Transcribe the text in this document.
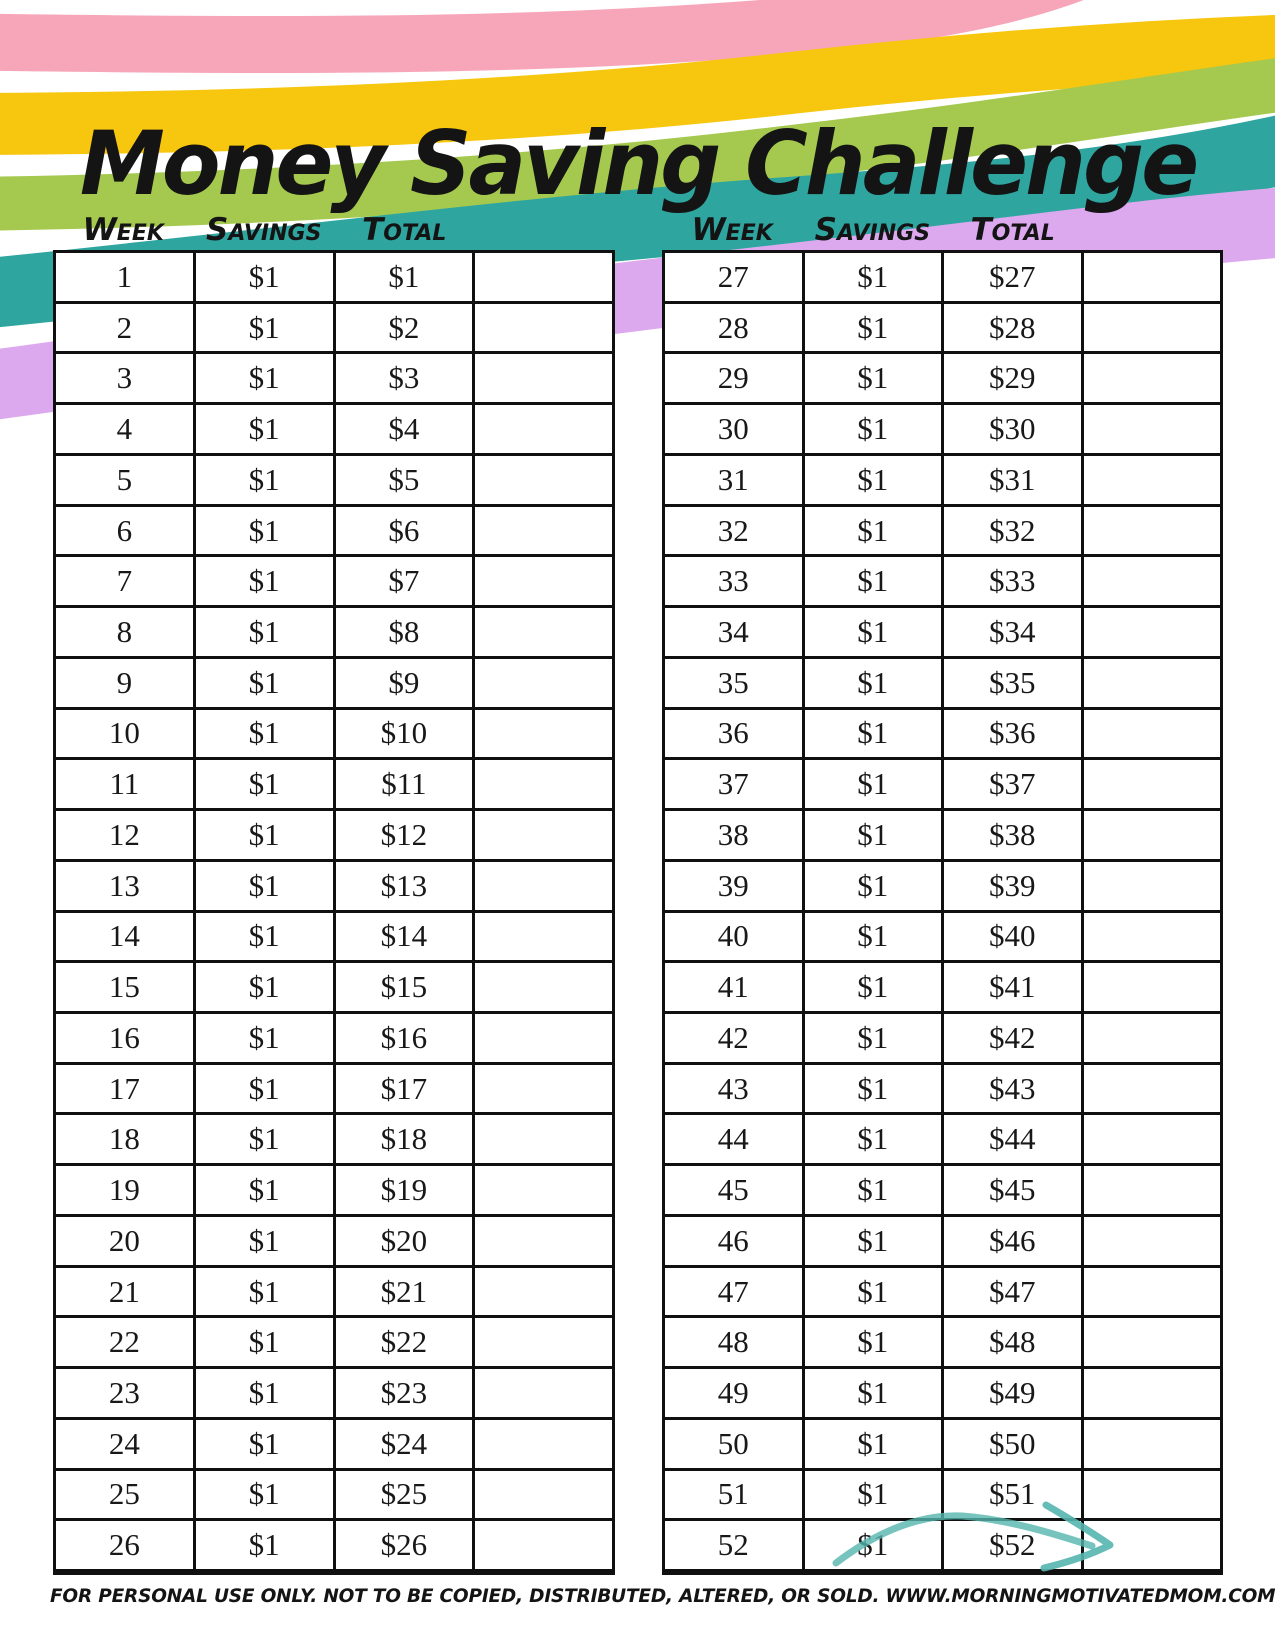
Money Saving Challenge
Week	Savings	Total
1	$1	$1
2	$1	$2
3	$1	$3
4	$1	$4
5	$1	$5
6	$1	$6
7	$1	$7
8	$1	$8
9	$1	$9
10	$1	$10
11	$1	$11
12	$1	$12
13	$1	$13
14	$1	$14
15	$1	$15
16	$1	$16
17	$1	$17
18	$1	$18
19	$1	$19
20	$1	$20
21	$1	$21
22	$1	$22
23	$1	$23
24	$1	$24
25	$1	$25
26	$1	$26
Week	Savings	Total
27	$1	$27
28	$1	$28
29	$1	$29
30	$1	$30
31	$1	$31
32	$1	$32
33	$1	$33
34	$1	$34
35	$1	$35
36	$1	$36
37	$1	$37
38	$1	$38
39	$1	$39
40	$1	$40
41	$1	$41
42	$1	$42
43	$1	$43
44	$1	$44
45	$1	$45
46	$1	$46
47	$1	$47
48	$1	$48
49	$1	$49
50	$1	$50
51	$1	$51
52	$1	$52
FOR PERSONAL USE ONLY. NOT TO BE COPIED, DISTRIBUTED, ALTERED, OR SOLD. WWW.MORNINGMOTIVATEDMOM.COM
